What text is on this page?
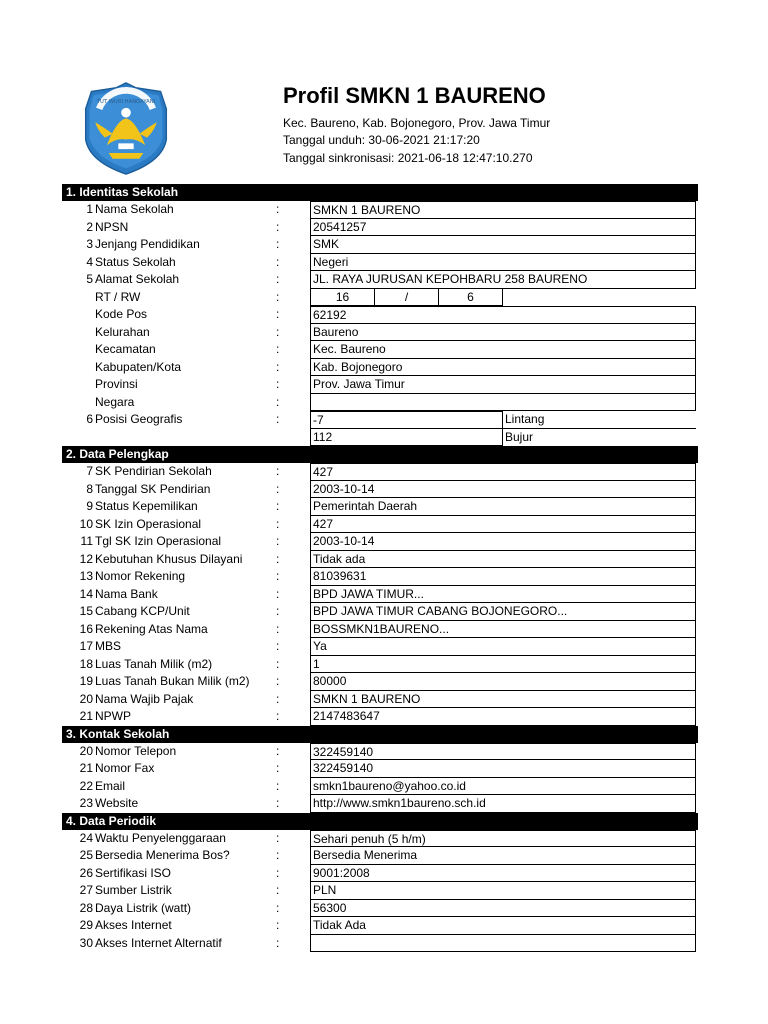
TUT WURI HANDAYANI	Profil SMKN 1 BAURENO
Kec. Baureno, Kab. Bojonegoro, Prov. Jawa Timur
Tanggal unduh: 30-06-2021 21:17:20
Tanggal sinkronisasi: 2021-06-18 12:47:10.270
1. Identitas Sekolah
1 Nama Sekolah	:	SMKN 1 BAURENO
2 NPSN	:	20541257
3 Jenjang Pendidikan	:	SMK
4 Status Sekolah	:	Negeri
5 Alamat Sekolah	:	JL. RAYA JURUSAN KEPOHBARU 258 BAURENO
RT / RW	:	16	/	6
Kode Pos	:	62192
Kelurahan	:	Baureno
Kecamatan	:	Kec. Baureno
Kabupaten/Kota	:	Kab. Bojonegoro
Provinsi	:	Prov. Jawa Timur
Negara	:
6 Posisi Geografis	:	-7	Lintang
112	Bujur
2. Data Pelengkap
7 SK Pendirian Sekolah	:	427
8 Tanggal SK Pendirian	:	2003-10-14
9 Status Kepemilikan	:	Pemerintah Daerah
10 SK Izin Operasional	:	427
11 Tgl SK Izin Operasional	:	2003-10-14
12 Kebutuhan Khusus Dilayani	:	Tidak ada
13 Nomor Rekening	:	81039631
14 Nama Bank	:	BPD JAWA TIMUR...
15 Cabang KCP/Unit	:	BPD JAWA TIMUR CABANG BOJONEGORO...
16 Rekening Atas Nama	:	BOSSMKN1BAURENO...
17 MBS	:	Ya
18 Luas Tanah Milik (m2)	:	1
19 Luas Tanah Bukan Milik (m2) :	80000
20 Nama Wajib Pajak	:	SMKN 1 BAURENO
21 NPWP	:	2147483647
3. Kontak Sekolah
20 Nomor Telepon	:	322459140
21 Nomor Fax	:	322459140
22 Email	:	smkn1baureno@yahoo.co.id
23 Website	:	http://www.smkn1baureno.sch.id
4. Data Periodik
24 Waktu Penyelenggaraan	:	Sehari penuh (5 h/m)
25 Bersedia Menerima Bos?	:	Bersedia Menerima
26 Sertifikasi ISO	:	9001:2008
27 Sumber Listrik	:	PLN
28 Daya Listrik (watt)	:	56300
29 Akses Internet	:	Tidak Ada
30 Akses Internet Alternatif	:
